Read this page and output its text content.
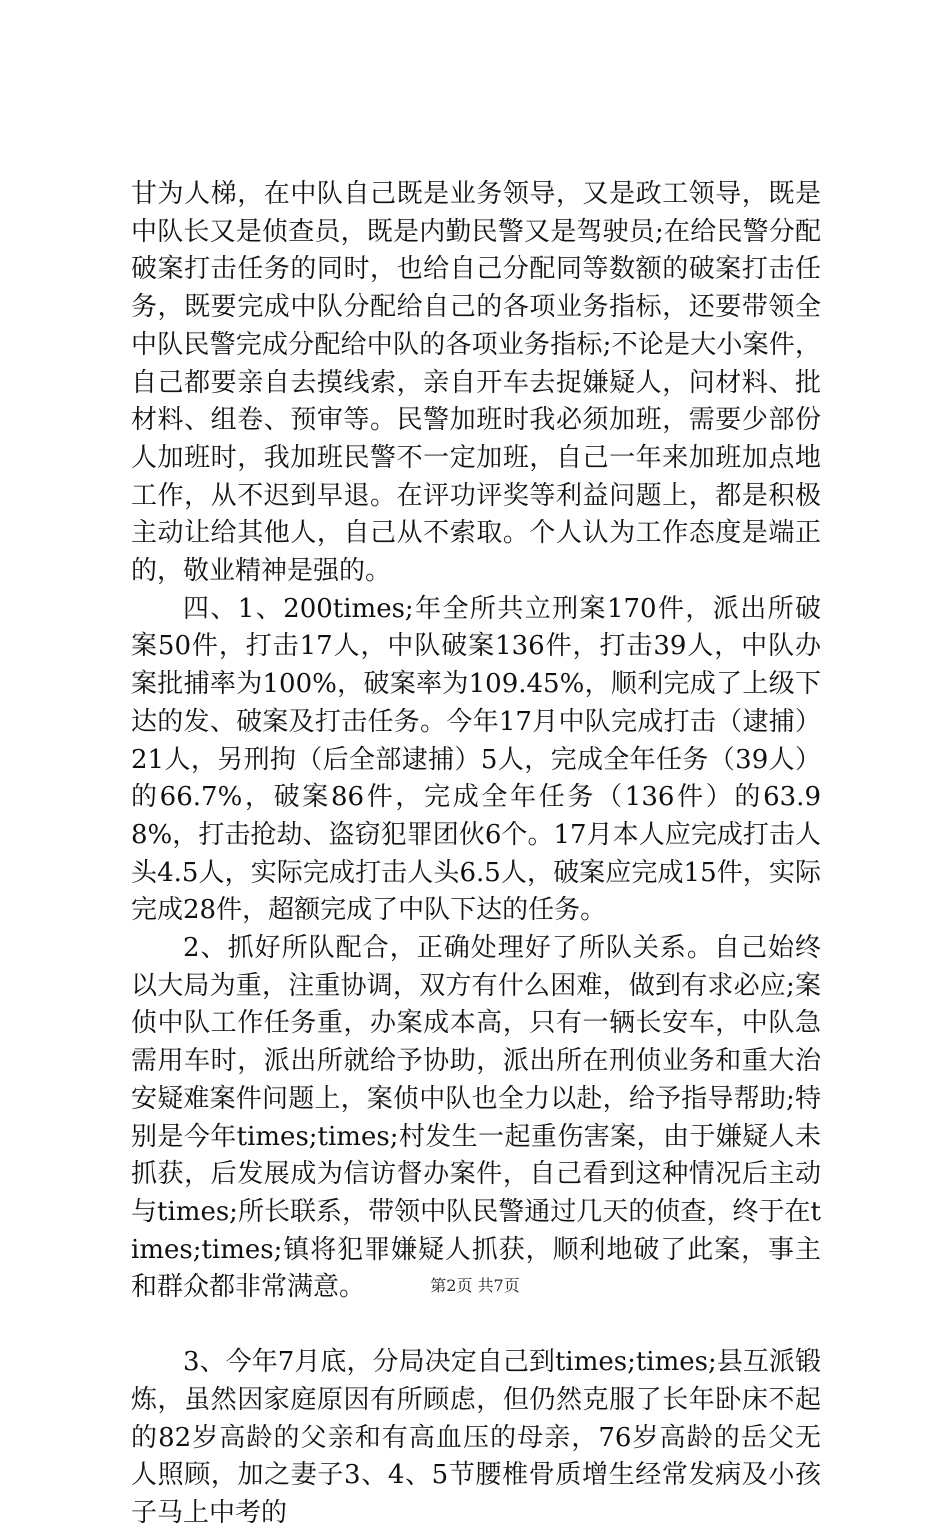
甘为人梯，在中队自己既是业务领导，又是政工领导，既是中队长又是侦查员，既是内勤民警又是驾驶员;在给民警分配破案打击任务的同时，也给自己分配同等数额的破案打击任务，既要完成中队分配给自己的各项业务指标，还要带领全中队民警完成分配给中队的各项业务指标;不论是大小案件，自己都要亲自去摸线索，亲自开车去捉嫌疑人，问材料、批材料、组卷、预审等。民警加班时我必须加班，需要少部份人加班时，我加班民警不一定加班，自己一年来加班加点地工作，从不迟到早退。在评功评奖等利益问题上，都是积极主动让给其他人，自己从不索取。个人认为工作态度是端正的，敬业精神是强的。

四、1、200times;年全所共立刑案170件，派出所破案50件，打击17人，中队破案136件，打击39人，中队办案批捕率为100%，破案率为109.45%，顺利完成了上级下达的发、破案及打击任务。今年17月中队完成打击（逮捕）21人，另刑拘（后全部逮捕）5人，完成全年任务（39人）的66.7%，破案86件，完成全年任务（136件）的63.98%，打击抢劫、盗窃犯罪团伙6个。17月本人应完成打击人头4.5人，实际完成打击人头6.5人，破案应完成15件，实际完成28件，超额完成了中队下达的任务。

2、抓好所队配合，正确处理好了所队关系。自己始终以大局为重，注重协调，双方有什么困难，做到有求必应;案侦中队工作任务重，办案成本高，只有一辆长安车，中队急需用车时，派出所就给予协助，派出所在刑侦业务和重大治安疑难案件问题上，案侦中队也全力以赴，给予指导帮助;特别是今年times;times;村发生一起重伤害案，由于嫌疑人未抓获，后发展成为信访督办案件，自己看到这种情况后主动与times;所长联系，带领中队民警通过几天的侦查，终于在times;times;镇将犯罪嫌疑人抓获，顺利地破了此案，事主和群众都非常满意。

3、今年7月底，分局决定自己到times;times;县互派锻炼，虽然因家庭原因有所顾虑，但仍然克服了长年卧床不起的82岁高龄的父亲和有高血压的母亲，76岁高龄的岳父无人照顾，加之妻子3、4、5节腰椎骨质增生经常发病及小孩子马上中考的

第2页 共7页
